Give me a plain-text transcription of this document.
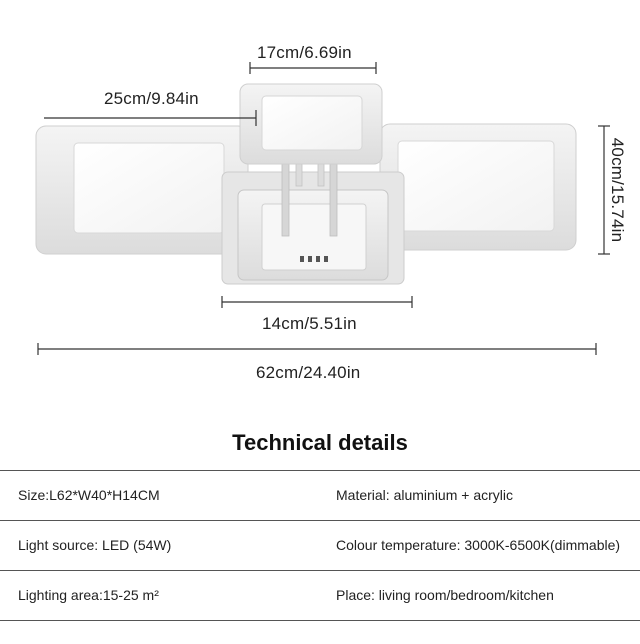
17cm/6.69in
25cm/9.84in
40cm/15.74in
14cm/5.51in
62cm/24.40in
Technical details
Size:L62*W40*H14CM	Material: aluminium + acrylic
Light source: LED (54W)	Colour temperature: 3000K-6500K(dimmable)
Lighting area:15-25 m²	Place: living room/bedroom/kitchen
